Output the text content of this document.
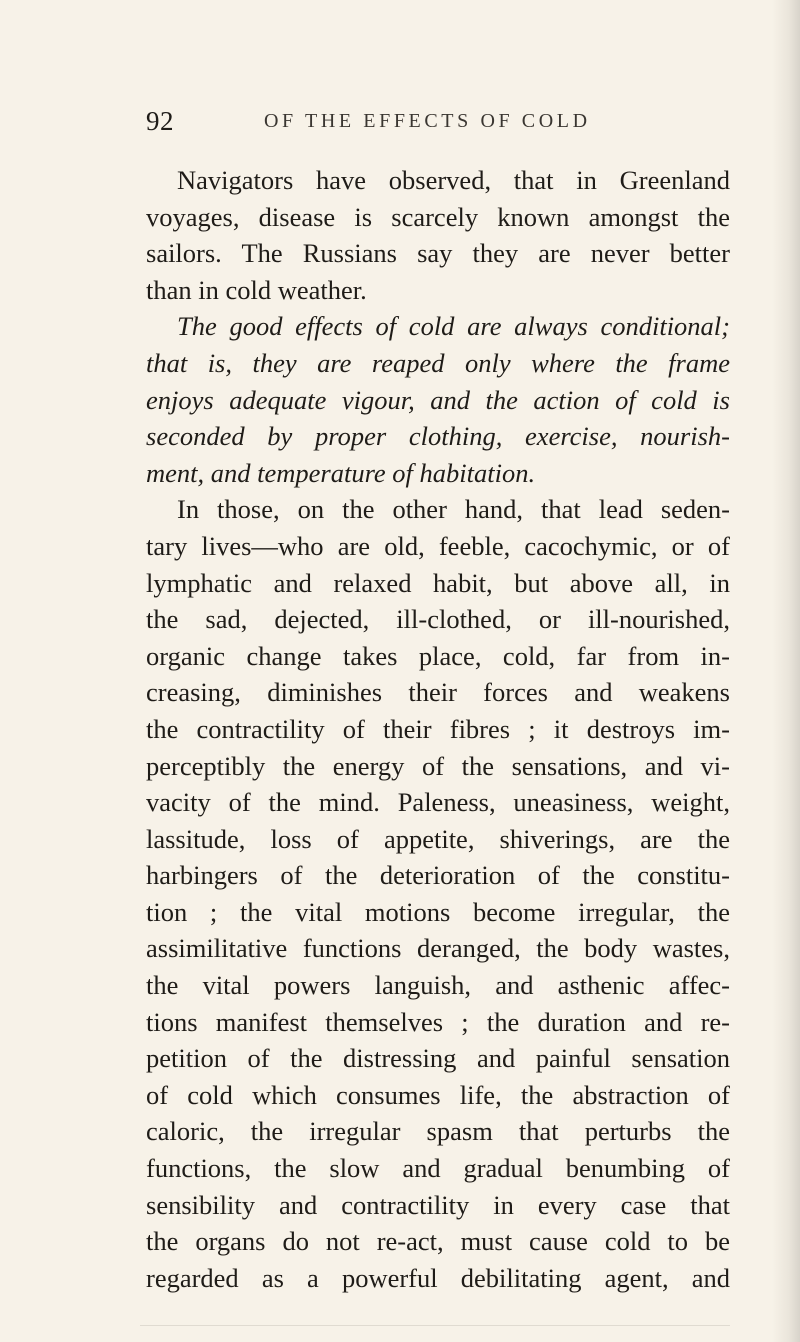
92	OF THE EFFECTS OF COLD
Navigators have observed, that in Greenland
voyages, disease is scarcely known amongst the
sailors. The Russians say they are never better
than in cold weather.
The good effects of cold are always conditional;
that is, they are reaped only where the frame
enjoys adequate vigour, and the action of cold is
seconded by proper clothing, exercise, nourish-
ment, and temperature of habitation.
In those, on the other hand, that lead seden-
tary lives—who are old, feeble, cacochymic, or of
lymphatic and relaxed habit, but above all, in
the sad, dejected, ill-clothed, or ill-nourished,
organic change takes place, cold, far from in-
creasing, diminishes their forces and weakens
the contractility of their fibres ; it destroys im-
perceptibly the energy of the sensations, and vi-
vacity of the mind. Paleness, uneasiness, weight,
lassitude, loss of appetite, shiverings, are the
harbingers of the deterioration of the constitu-
tion ; the vital motions become irregular, the
assimilitative functions deranged, the body wastes,
the vital powers languish, and asthenic affec-
tions manifest themselves ; the duration and re-
petition of the distressing and painful sensation
of cold which consumes life, the abstraction of
caloric, the irregular spasm that perturbs the
functions, the slow and gradual benumbing of
sensibility and contractility in every case that
the organs do not re-act, must cause cold to be
regarded as a powerful debilitating agent, and
